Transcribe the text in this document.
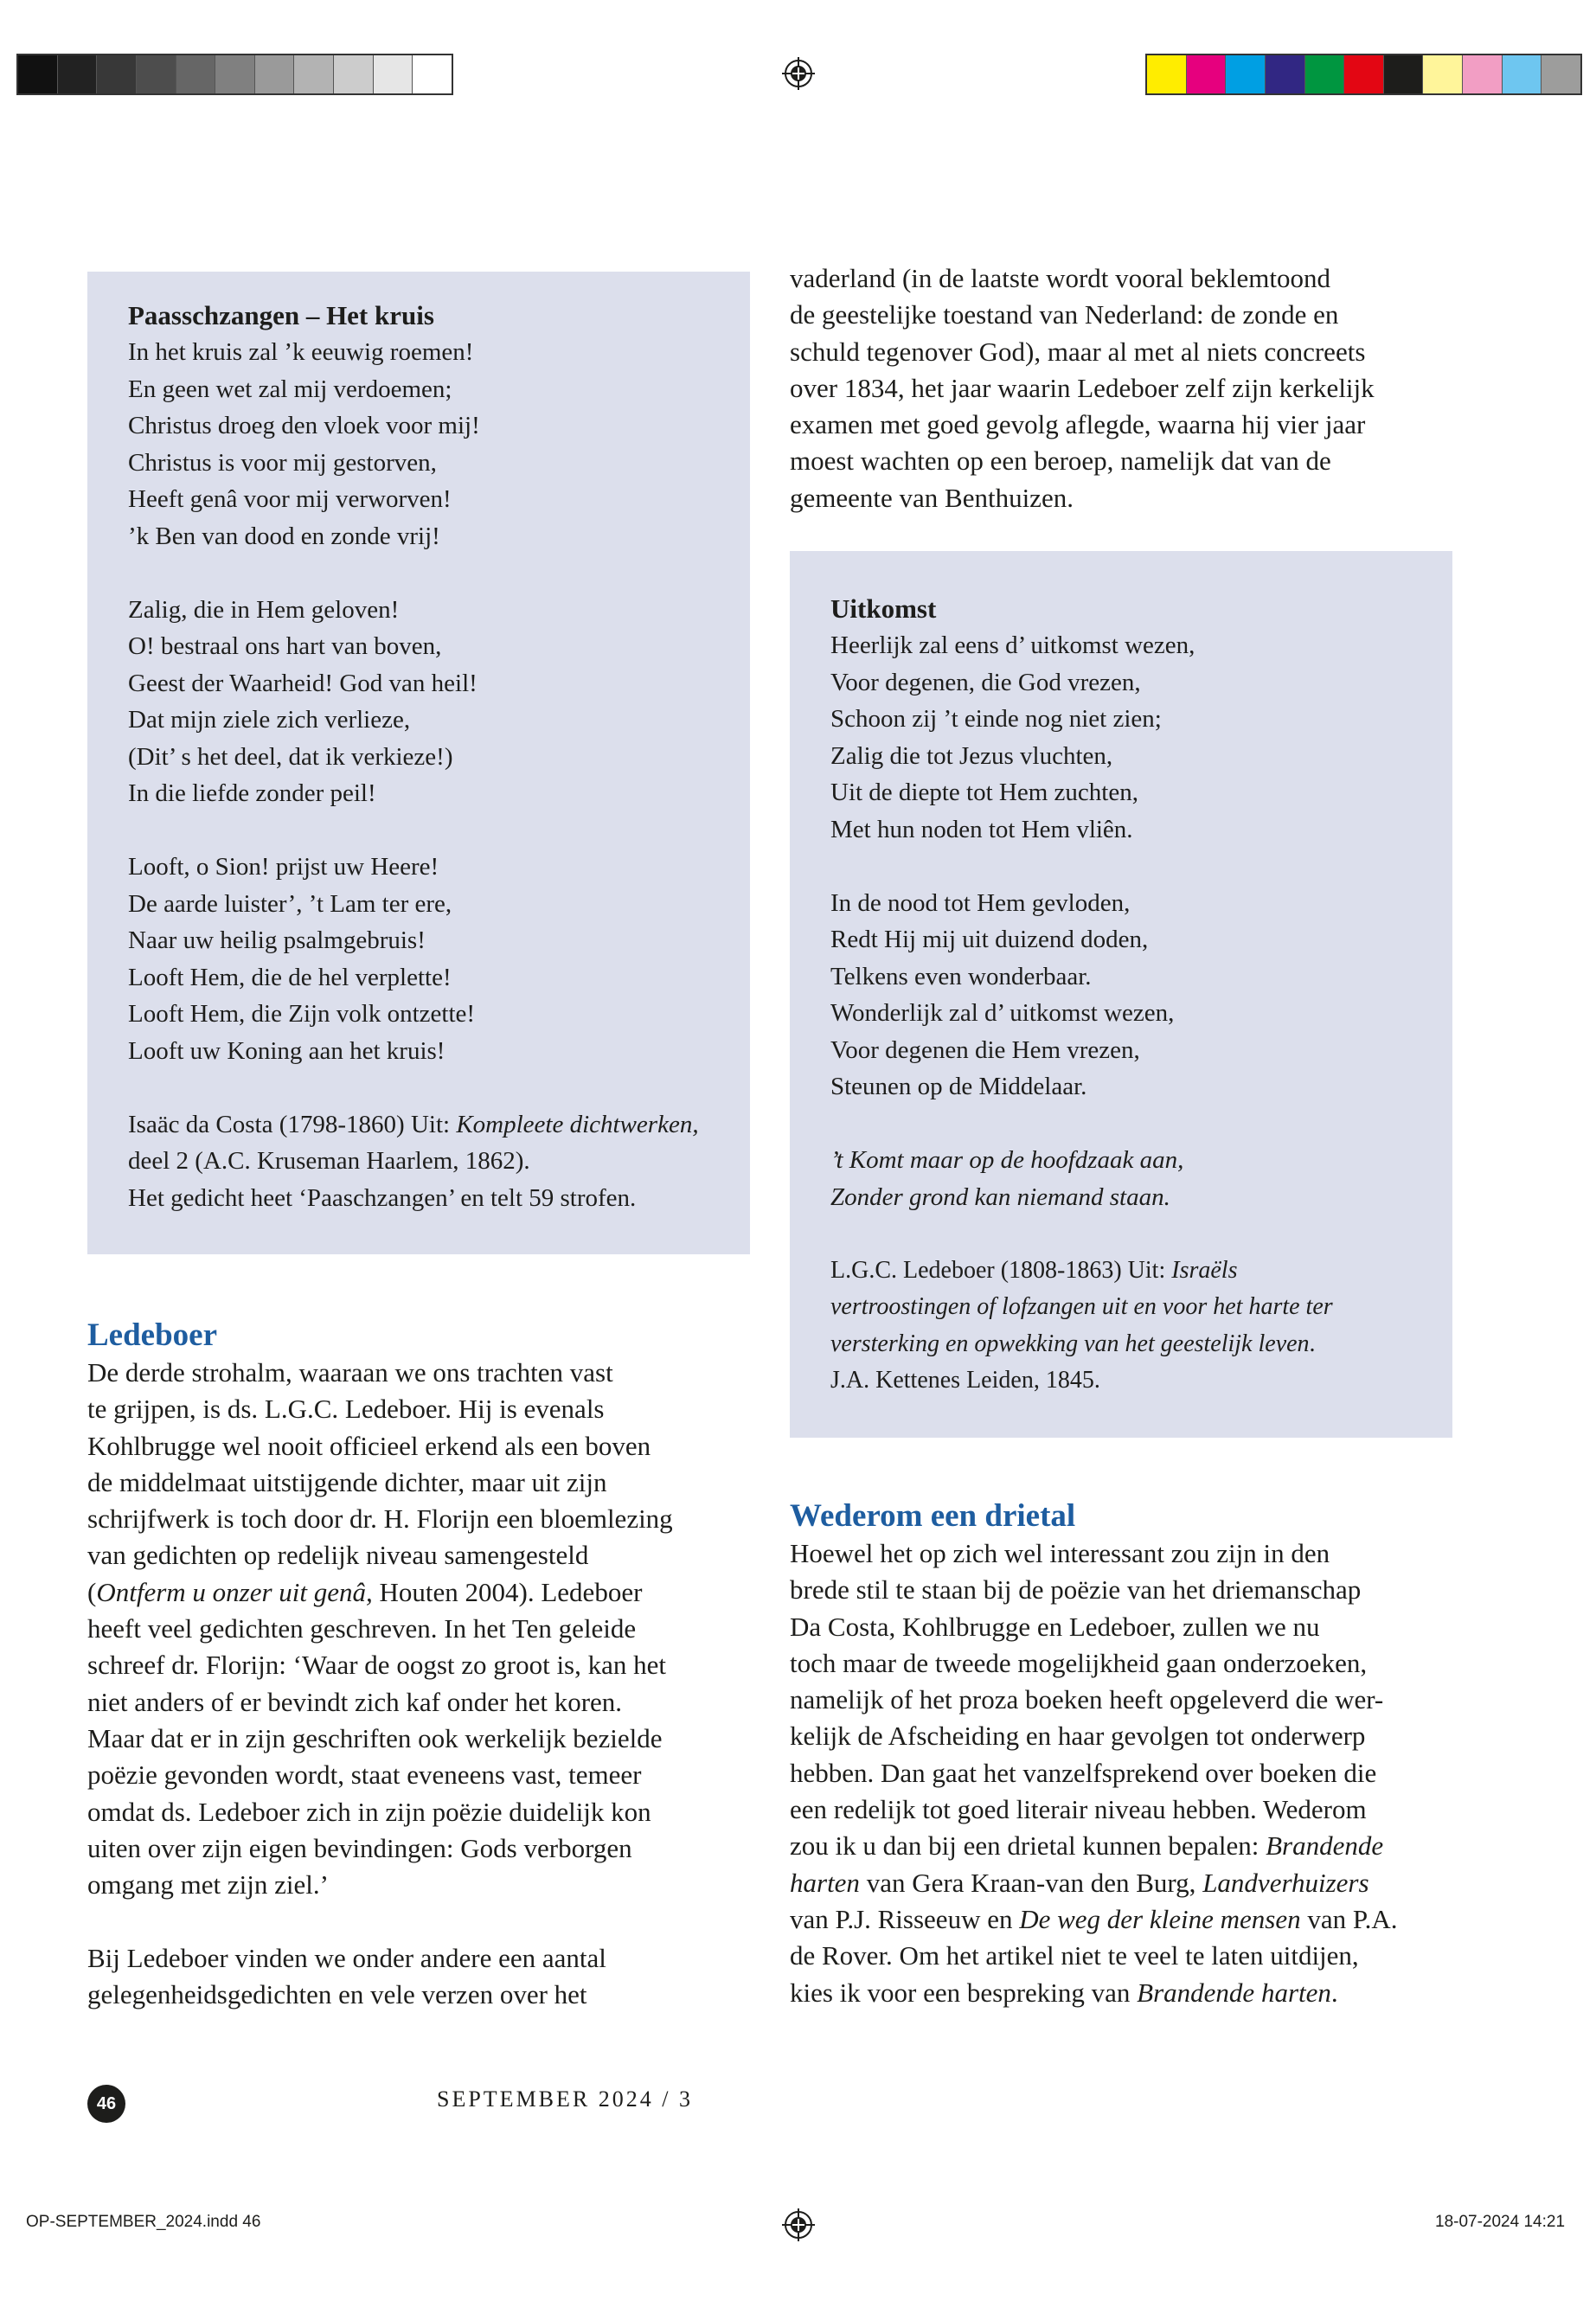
Paasschzangen – Het kruis
In het kruis zal ’k eeuwig roemen!
En geen wet zal mij verdoemen;
Christus droeg den vloek voor mij!
Christus is voor mij gestorven,
Heeft genâ voor mij verworven!
’k Ben van dood en zonde vrij!
Zalig, die in Hem geloven!
O! bestraal ons hart van boven,
Geest der Waarheid! God van heil!
Dat mijn ziele zich verlieze,
(Dit’ s het deel, dat ik verkieze!)
In die liefde zonder peil!
Looft, o Sion! prijst uw Heere!
De aarde luister’, ’t Lam ter ere,
Naar uw heilig psalmgebruis!
Looft Hem, die de hel verplette!
Looft Hem, die Zijn volk ontzette!
Looft uw Koning aan het kruis!
Isaäc da Costa (1798-1860) Uit: Kompleete dichtwerken,
deel 2 (A.C. Kruseman Haarlem, 1862).
Het gedicht heet ‘Paaschzangen’ en telt 59 strofen.
vaderland (in de laatste wordt vooral beklemtoond
de geestelijke toestand van Nederland: de zonde en
schuld tegenover God), maar al met al niets concreets
over 1834, het jaar waarin Ledeboer zelf zijn kerkelijk
examen met goed gevolg aflegde, waarna hij vier jaar
moest wachten op een beroep, namelijk dat van de
gemeente van Benthuizen.
Uitkomst
Heerlijk zal eens d’ uitkomst wezen,
Voor degenen, die God vrezen,
Schoon zij ’t einde nog niet zien;
Zalig die tot Jezus vluchten,
Uit de diepte tot Hem zuchten,
Met hun noden tot Hem vliên.
In de nood tot Hem gevloden,
Redt Hij mij uit duizend doden,
Telkens even wonderbaar.
Wonderlijk zal d’ uitkomst wezen,
Voor degenen die Hem vrezen,
Steunen op de Middelaar.
’t Komt maar op de hoofdzaak aan,
Zonder grond kan niemand staan.
L.G.C. Ledeboer (1808-1863) Uit: Israëls
vertroostingen of lofzangen uit en voor het harte ter
versterking en opwekking van het geestelijk leven.
J.A. Kettenes Leiden, 1845.
Ledeboer
De derde strohalm, waaraan we ons trachten vast
te grijpen, is ds. L.G.C. Ledeboer. Hij is evenals
Kohlbrugge wel nooit officieel erkend als een boven
de middelmaat uitstijgende dichter, maar uit zijn
schrijfwerk is toch door dr. H. Florijn een bloemlezing
van gedichten op redelijk niveau samengesteld
(Ontferm u onzer uit genâ, Houten 2004). Ledeboer
heeft veel gedichten geschreven. In het Ten geleide
schreef dr. Florijn: ‘Waar de oogst zo groot is, kan het
niet anders of er bevindt zich kaf onder het koren.
Maar dat er in zijn geschriften ook werkelijk bezielde
poëzie gevonden wordt, staat eveneens vast, temeer
omdat ds. Ledeboer zich in zijn poëzie duidelijk kon
uiten over zijn eigen bevindingen: Gods verborgen
omgang met zijn ziel.’
Bij Ledeboer vinden we onder andere een aantal
gelegenheidsgedichten en vele verzen over het
Wederom een drietal
Hoewel het op zich wel interessant zou zijn in den
brede stil te staan bij de poëzie van het driemanschap
Da Costa, Kohlbrugge en Ledeboer, zullen we nu
toch maar de tweede mogelijkheid gaan onderzoeken,
namelijk of het proza boeken heeft opgeleverd die wer-
kelijk de Afscheiding en haar gevolgen tot onderwerp
hebben. Dan gaat het vanzelfsprekend over boeken die
een redelijk tot goed literair niveau hebben. Wederom
zou ik u dan bij een drietal kunnen bepalen: Brandende
harten van Gera Kraan-van den Burg, Landverhuizers
van P.J. Risseeuw en De weg der kleine mensen van P.A.
de Rover. Om het artikel niet te veel te laten uitdijen,
kies ik voor een bespreking van Brandende harten.
46	SEPTEMBER 2024 / 3
OP-SEPTEMBER_2024.indd 46	18-07-2024 14:21
